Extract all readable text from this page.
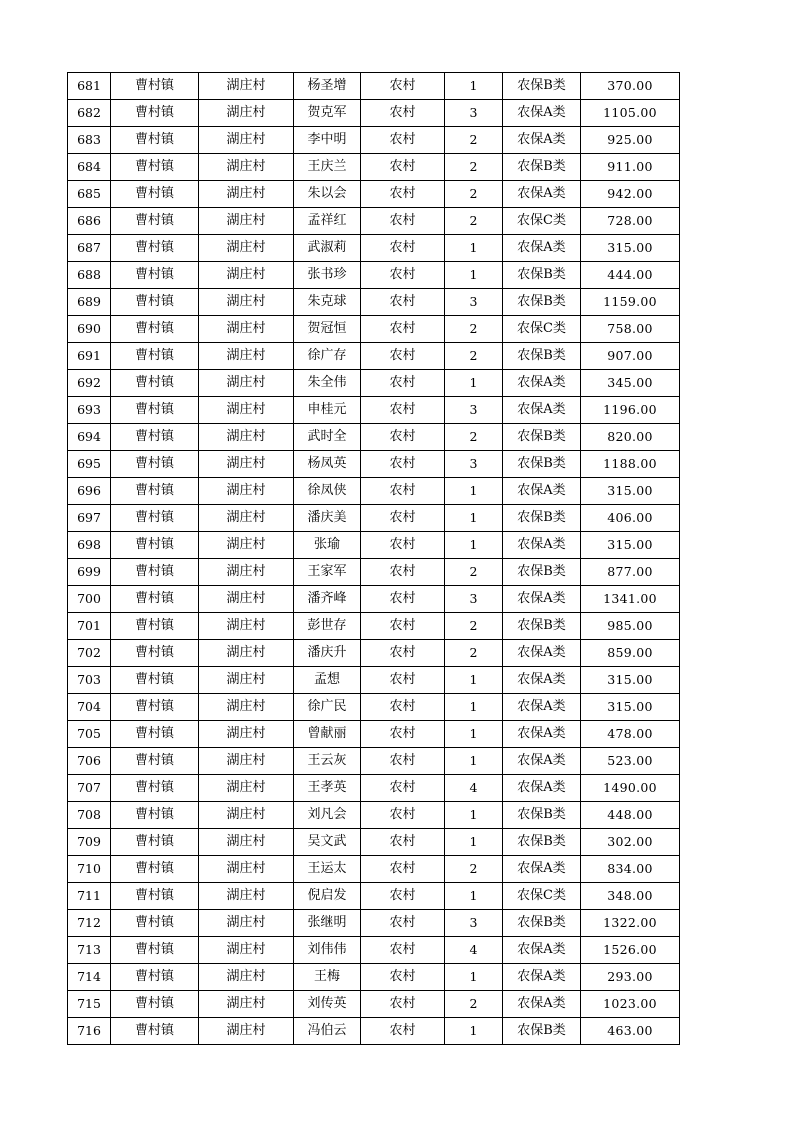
681	曹村镇	湖庄村	杨圣增	农村	1	农保B类	370.00
682	曹村镇	湖庄村	贺克军	农村	3	农保A类	1105.00
683	曹村镇	湖庄村	李中明	农村	2	农保A类	925.00
684	曹村镇	湖庄村	王庆兰	农村	2	农保B类	911.00
685	曹村镇	湖庄村	朱以会	农村	2	农保A类	942.00
686	曹村镇	湖庄村	孟祥红	农村	2	农保C类	728.00
687	曹村镇	湖庄村	武淑莉	农村	1	农保A类	315.00
688	曹村镇	湖庄村	张书珍	农村	1	农保B类	444.00
689	曹村镇	湖庄村	朱克球	农村	3	农保B类	1159.00
690	曹村镇	湖庄村	贺冠恒	农村	2	农保C类	758.00
691	曹村镇	湖庄村	徐广存	农村	2	农保B类	907.00
692	曹村镇	湖庄村	朱全伟	农村	1	农保A类	345.00
693	曹村镇	湖庄村	申桂元	农村	3	农保A类	1196.00
694	曹村镇	湖庄村	武时全	农村	2	农保B类	820.00
695	曹村镇	湖庄村	杨凤英	农村	3	农保B类	1188.00
696	曹村镇	湖庄村	徐凤侠	农村	1	农保A类	315.00
697	曹村镇	湖庄村	潘庆美	农村	1	农保B类	406.00
698	曹村镇	湖庄村	张瑜	农村	1	农保A类	315.00
699	曹村镇	湖庄村	王家军	农村	2	农保B类	877.00
700	曹村镇	湖庄村	潘齐峰	农村	3	农保A类	1341.00
701	曹村镇	湖庄村	彭世存	农村	2	农保B类	985.00
702	曹村镇	湖庄村	潘庆升	农村	2	农保A类	859.00
703	曹村镇	湖庄村	孟想	农村	1	农保A类	315.00
704	曹村镇	湖庄村	徐广民	农村	1	农保A类	315.00
705	曹村镇	湖庄村	曾献丽	农村	1	农保A类	478.00
706	曹村镇	湖庄村	王云灰	农村	1	农保A类	523.00
707	曹村镇	湖庄村	王孝英	农村	4	农保A类	1490.00
708	曹村镇	湖庄村	刘凡会	农村	1	农保B类	448.00
709	曹村镇	湖庄村	吴文武	农村	1	农保B类	302.00
710	曹村镇	湖庄村	王运太	农村	2	农保A类	834.00
711	曹村镇	湖庄村	倪启发	农村	1	农保C类	348.00
712	曹村镇	湖庄村	张继明	农村	3	农保B类	1322.00
713	曹村镇	湖庄村	刘伟伟	农村	4	农保A类	1526.00
714	曹村镇	湖庄村	王梅	农村	1	农保A类	293.00
715	曹村镇	湖庄村	刘传英	农村	2	农保A类	1023.00
716	曹村镇	湖庄村	冯伯云	农村	1	农保B类	463.00
